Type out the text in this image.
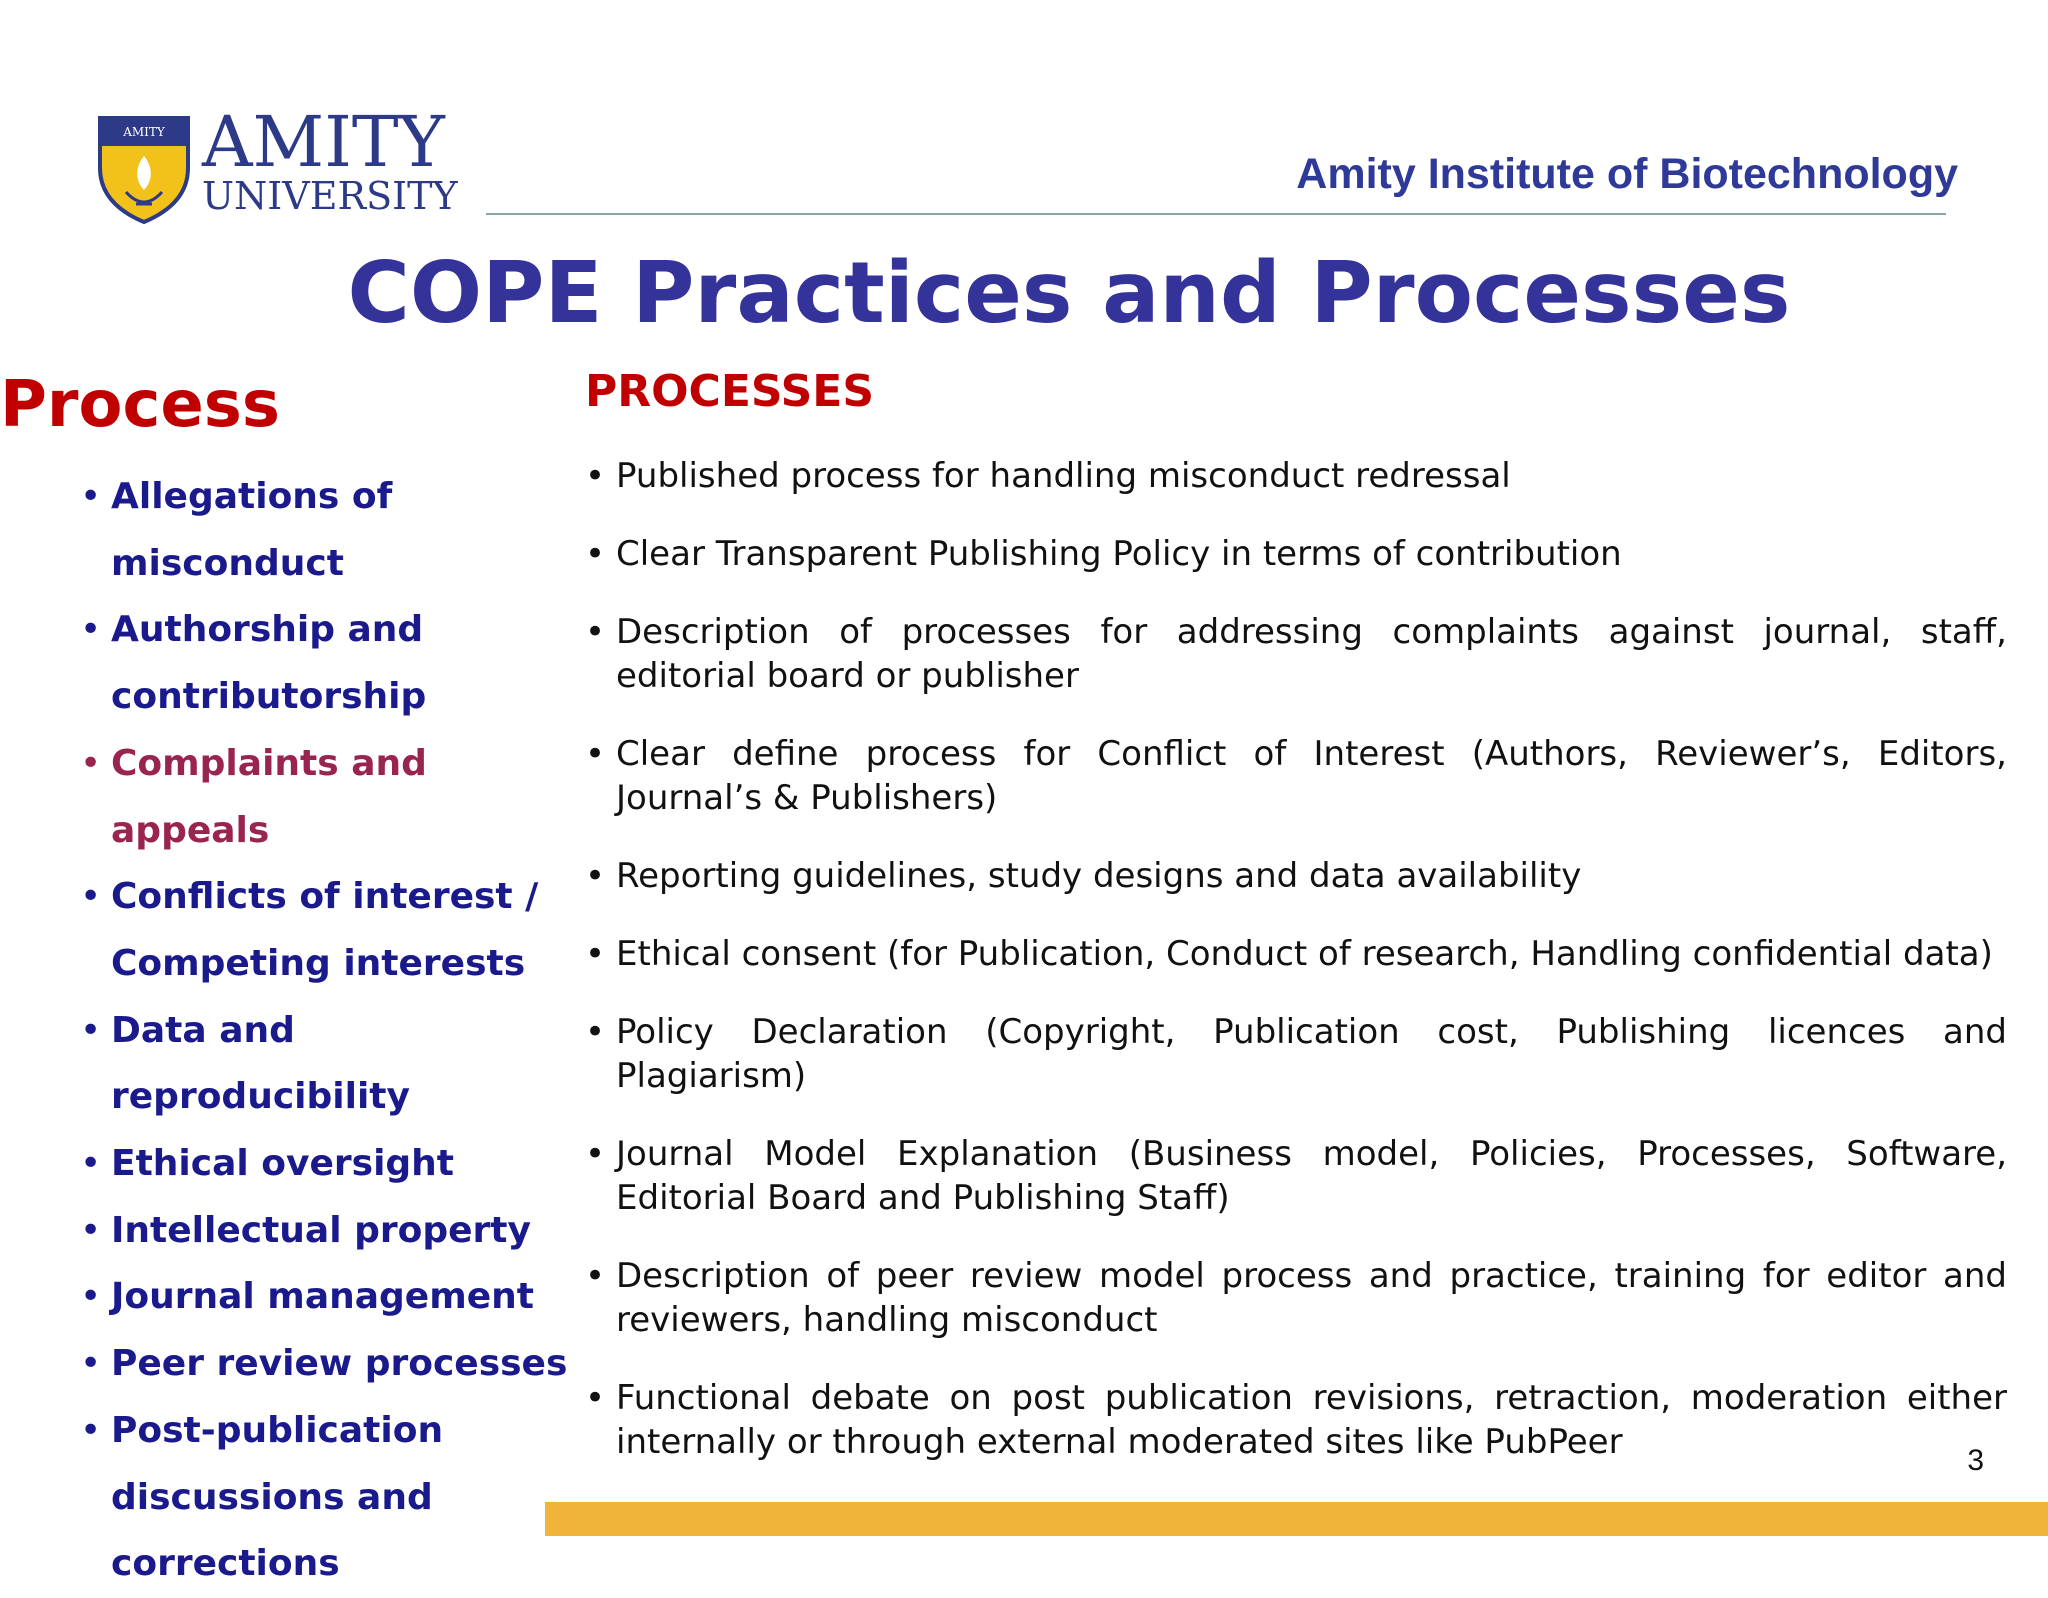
AMITY AMITY
UNIVERSITY	Amity Institute of Biotechnology
COPE Practices and Processes
Process
• Allegations of misconduct
• Authorship and contributorship
• Complaints and appeals
• Conflicts of interest / Competing interests
• Data and reproducibility
• Ethical oversight
• Intellectual property
• Journal management
• Peer review processes
• Post-publication discussions and corrections
PROCESSES
• Published process for handling misconduct redressal
• Clear Transparent Publishing Policy in terms of contribution
• Description of processes for addressing complaints against journal, staff, editorial board or publisher
• Clear define process for Conflict of Interest (Authors, Reviewer’s, Editors, Journal’s & Publishers)
• Reporting guidelines, study designs and data availability
• Ethical consent (for Publication, Conduct of research, Handling confidential data)
• Policy Declaration (Copyright, Publication cost, Publishing licences and Plagiarism)
• Journal Model Explanation (Business model, Policies, Processes, Software, Editorial Board and Publishing Staff)
• Description of peer review model process and practice, training for editor and reviewers, handling misconduct
• Functional debate on post publication revisions, retraction, moderation either internally or through external moderated sites like PubPeer	3
